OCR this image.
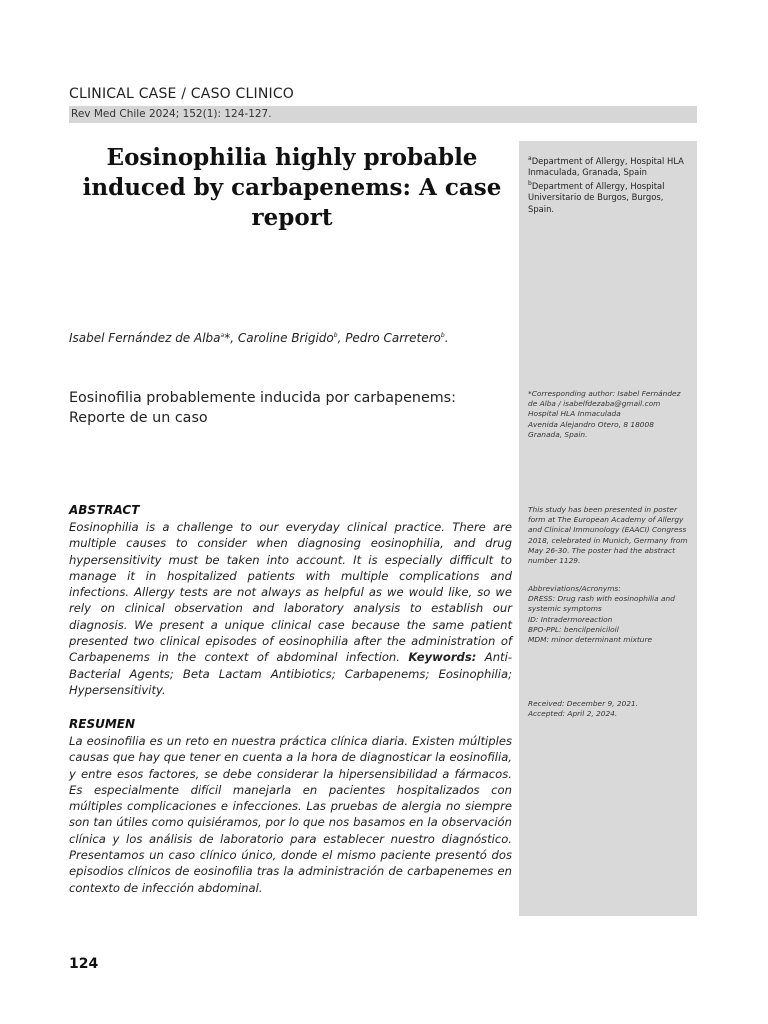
CLINICAL CASE / CASO CLINICO
Rev Med Chile 2024; 152(1): 124-127.
Eosinophilia highly probable induced by carbapenems: A case report
$^a$Department of Allergy, Hospital HLA Inmaculada, Granada, Spain
$^b$Department of Allergy, Hospital Universitario de Burgos, Burgos, Spain.
Isabel Fernández de Alba$^a$*, Caroline Brigido$^b$, Pedro Carretero$^b$.
Eosinofilia probablemente inducida por carbapenems: Reporte de un caso
*Corresponding author: Isabel Fernández
de Alba / isabelfdezaba@gmail.com
Hospital HLA Inmaculada
Avenida Alejandro Otero, 8 18008
Granada, Spain.
This study has been presented in poster form at The European Academy of Allergy and Clinical Immunology (EAACI) Congress 2018, celebrated in Munich, Germany from May 26-30. The poster had the abstract number 1129.
Abbreviations/Acronyms:
DRESS: Drug rash with eosinophilia and systemic symptoms
ID: Intradermoreaction
BPO-PPL: bencilpeniciloil
MDM: minor determinant mixture
Received: December 9, 2021.
Accepted: April 2, 2024.
ABSTRACT
Eosinophilia is a challenge to our everyday clinical practice. There are multiple causes to consider when diagnosing eosinophilia, and drug hypersensitivity must be taken into account. It is especially difficult to manage it in hospitalized patients with multiple complications and infections. Allergy tests are not always as helpful as we would like, so we rely on clinical observation and laboratory analysis to establish our diagnosis. We present a unique clinical case because the same patient presented two clinical episodes of eosinophilia after the administration of Carbapenems in the context of abdominal infection. Keywords: Anti-Bacterial Agents; Beta Lactam Antibiotics; Carbapenems; Eosinophilia; Hypersensitivity.
RESUMEN
La eosinofilia es un reto en nuestra práctica clínica diaria. Existen múltiples causas que hay que tener en cuenta a la hora de diagnosticar la eosinofilia, y entre esos factores, se debe considerar la hipersensibilidad a fármacos. Es especialmente difícil manejarla en pacientes hospitalizados con múltiples complicaciones e infecciones. Las pruebas de alergia no siempre son tan útiles como quisiéramos, por lo que nos basamos en la observación clínica y los análisis de laboratorio para establecer nuestro diagnóstico. Presentamos un caso clínico único, donde el mismo paciente presentó dos episodios clínicos de eosinofilia tras la administración de carbapenemes en contexto de infección abdominal.
124
